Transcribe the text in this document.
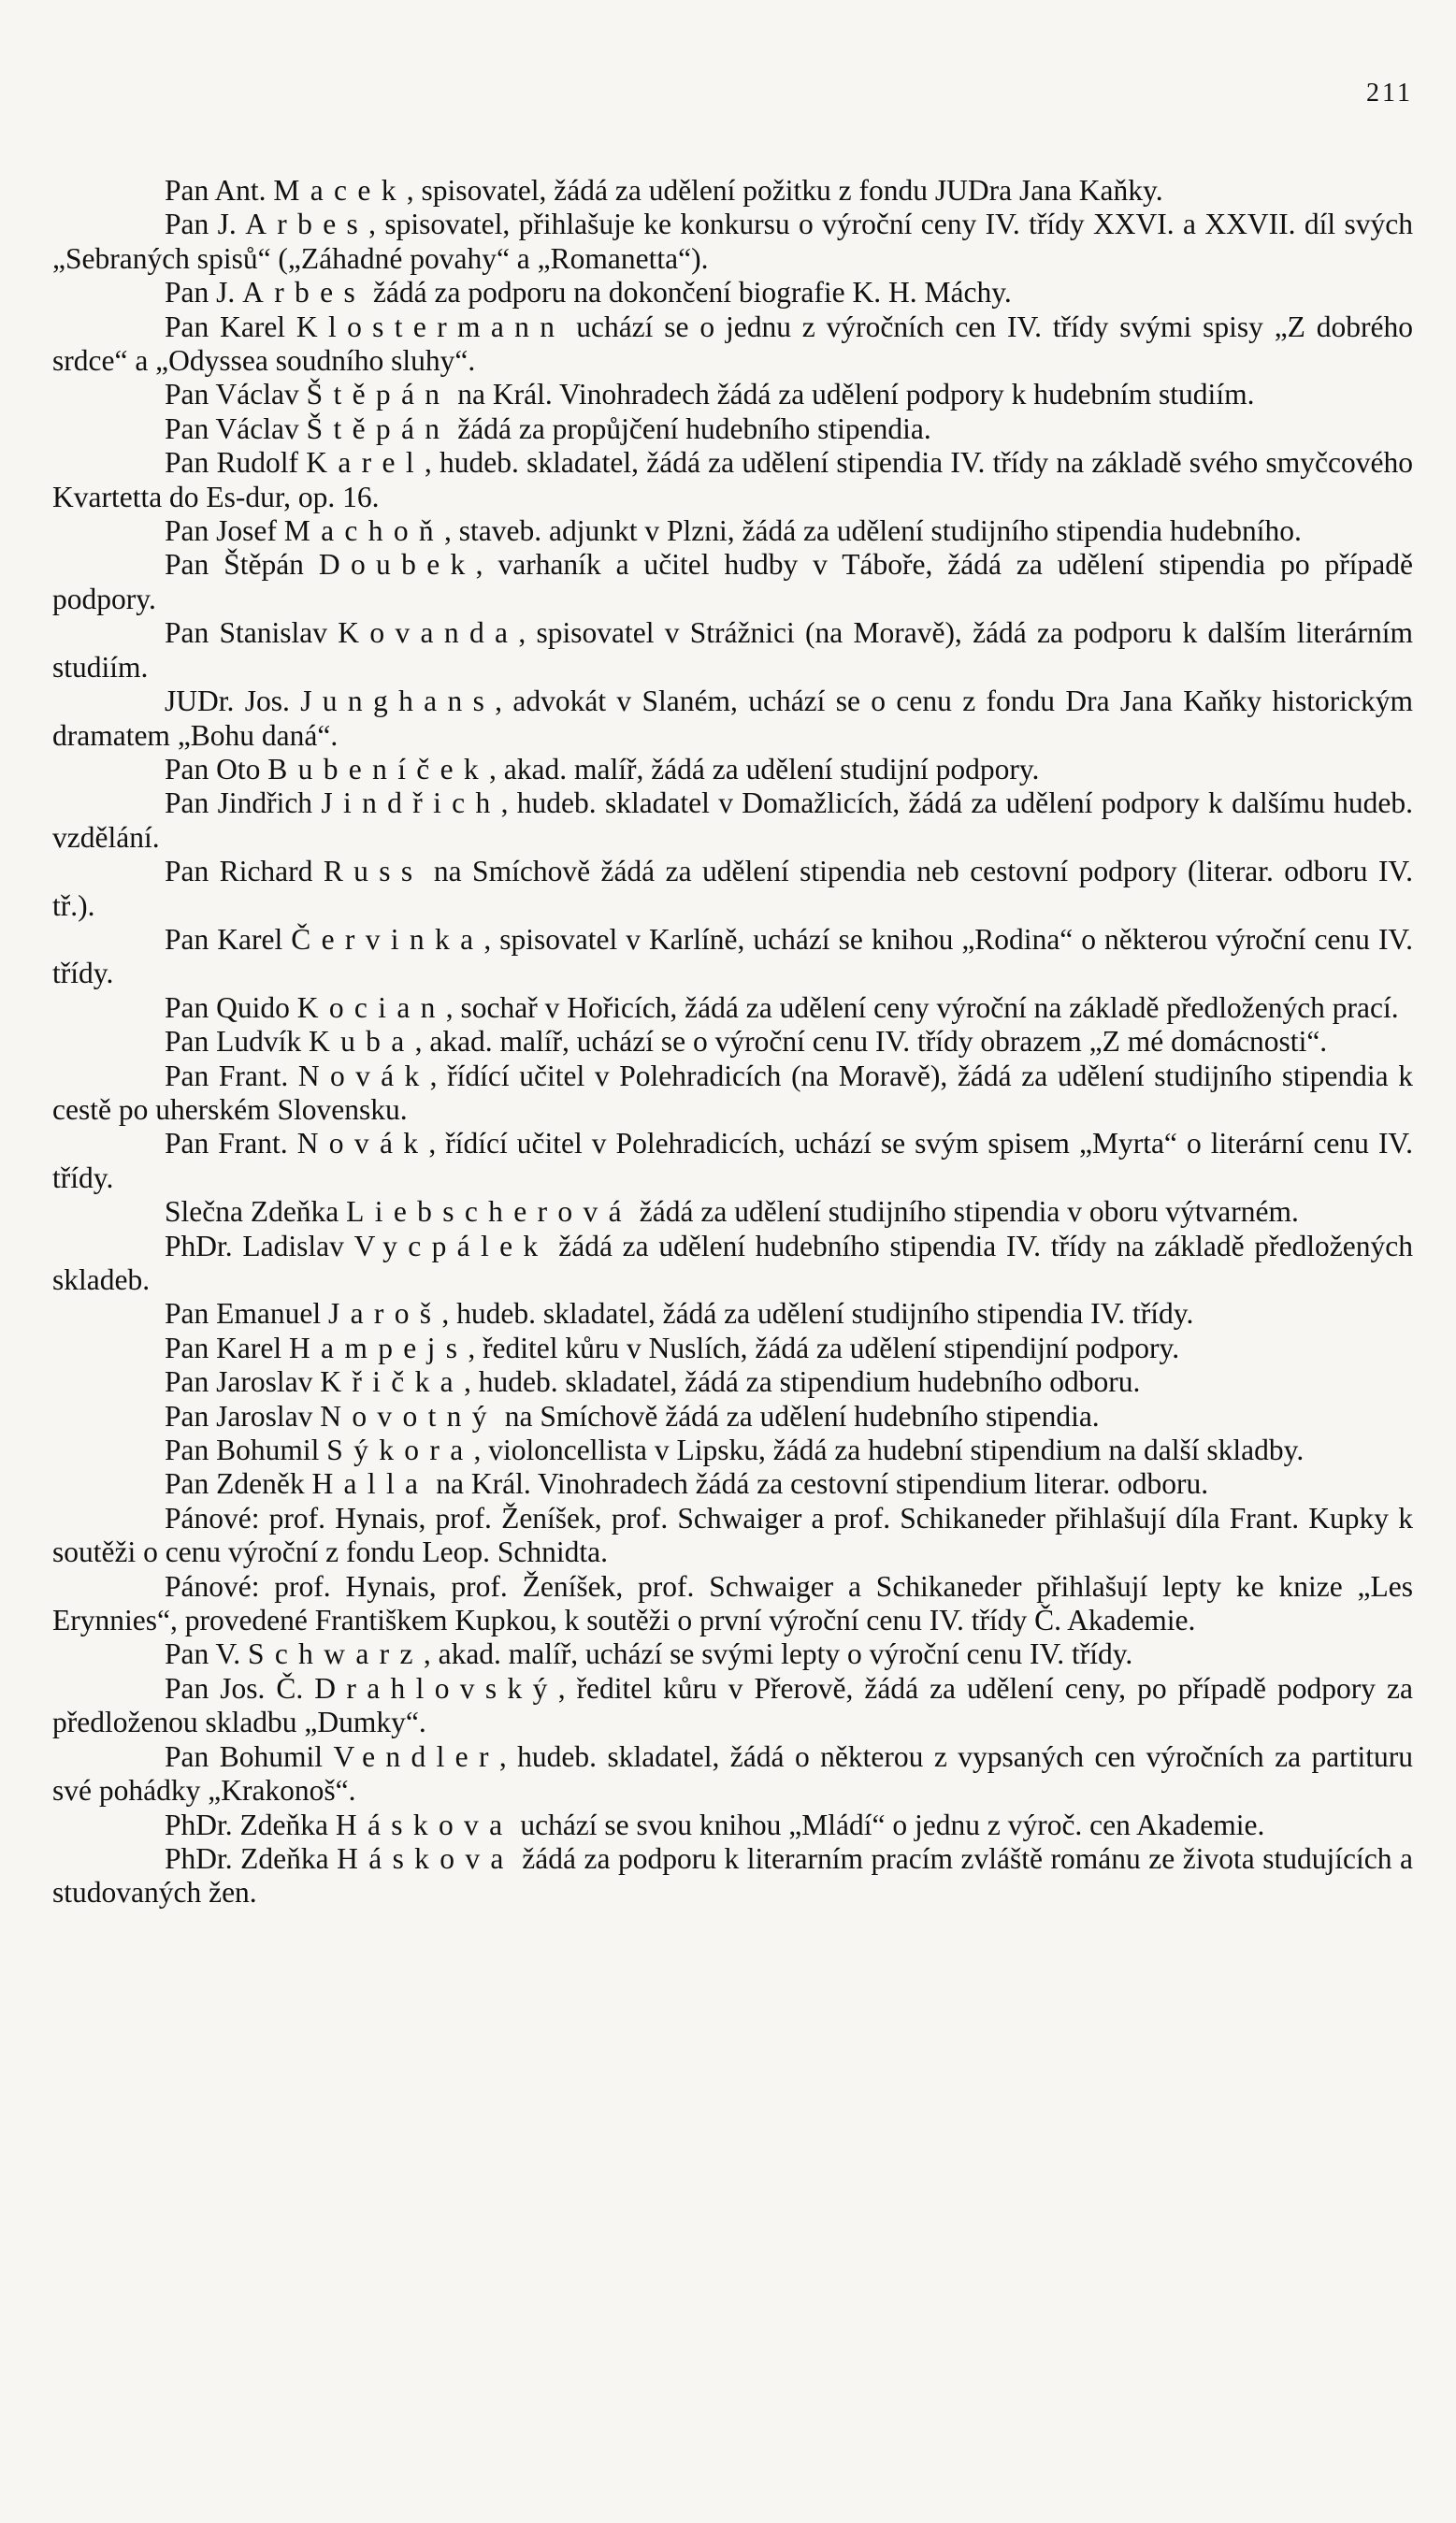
211

Pan Ant. Macek, spisovatel, žádá za udělení požitku z fondu JUDra Jana Kaňky.

Pan J. Arbes, spisovatel, přihlašuje ke konkursu o výroční ceny IV. třídy XXVI. a XXVII. díl svých „Sebraných spisů“ („Záhadné povahy“ a „Romanetta“).

Pan J. Arbes žádá za podporu na dokončení biografie K. H. Máchy.

Pan Karel Klostermann uchází se o jednu z výročních cen IV. třídy svými spisy „Z dobrého srdce“ a „Odyssea soudního sluhy“.

Pan Václav Štěpán na Král. Vinohradech žádá za udělení podpory k hudebním studiím.

Pan Václav Štěpán žádá za propůjčení hudebního stipendia.

Pan Rudolf Karel, hudeb. skladatel, žádá za udělení stipendia IV. třídy na základě svého smyčcového Kvartetta do Es-dur, op. 16.

Pan Josef Machoň, staveb. adjunkt v Plzni, žádá za udělení studijního stipendia hudebního.

Pan Štěpán Doubek, varhaník a učitel hudby v Táboře, žádá za udělení stipendia po případě podpory.

Pan Stanislav Kovanda, spisovatel v Strážnici (na Moravě), žádá za podporu k dalším literárním studiím.

JUDr. Jos. Junghans, advokát v Slaném, uchází se o cenu z fondu Dra Jana Kaňky historickým dramatem „Bohu daná“.

Pan Oto Bubeníček, akad. malíř, žádá za udělení studijní podpory.

Pan Jindřich Jindřich, hudeb. skladatel v Domažlicích, žádá za udělení podpory k dalšímu hudeb. vzdělání.

Pan Richard Russ na Smíchově žádá za udělení stipendia neb cestovní podpory (literar. odboru IV. tř.).

Pan Karel Červinka, spisovatel v Karlíně, uchází se knihou „Rodina“ o některou výroční cenu IV. třídy.

Pan Quido Kocian, sochař v Hořicích, žádá za udělení ceny výroční na základě předložených prací.

Pan Ludvík Kuba, akad. malíř, uchází se o výroční cenu IV. třídy obrazem „Z mé domácnosti“.

Pan Frant. Novák, řídící učitel v Polehradicích (na Moravě), žádá za udělení studijního stipendia k cestě po uherském Slovensku.

Pan Frant. Novák, řídící učitel v Polehradicích, uchází se svým spisem „Myrta“ o literární cenu IV. třídy.

Slečna Zdeňka Liebscherová žádá za udělení studijního stipendia v oboru výtvarném.

PhDr. Ladislav Vycpálek žádá za udělení hudebního stipendia IV. třídy na základě předložených skladeb.

Pan Emanuel Jaroš, hudeb. skladatel, žádá za udělení studijního stipendia IV. třídy.

Pan Karel Hampejs, ředitel kůru v Nuslích, žádá za udělení stipendijní podpory.

Pan Jaroslav Křička, hudeb. skladatel, žádá za stipendium hudebního odboru.

Pan Jaroslav Novotný na Smíchově žádá za udělení hudebního stipendia.

Pan Bohumil Sýkora, violoncellista v Lipsku, žádá za hudební stipendium na další skladby.

Pan Zdeněk Halla na Král. Vinohradech žádá za cestovní stipendium literar. odboru.

Pánové: prof. Hynais, prof. Ženíšek, prof. Schwaiger a prof. Schikaneder přihlašují díla Frant. Kupky k soutěži o cenu výroční z fondu Leop. Schnidta.

Pánové: prof. Hynais, prof. Ženíšek, prof. Schwaiger a Schikaneder přihlašují lepty ke knize „Les Erynnies“, provedené Františkem Kupkou, k soutěži o první výroční cenu IV. třídy Č. Akademie.

Pan V. Schwarz, akad. malíř, uchází se svými lepty o výroční cenu IV. třídy.

Pan Jos. Č. Drahlovský, ředitel kůru v Přerově, žádá za udělení ceny, po případě podpory za předloženou skladbu „Dumky“.

Pan Bohumil Vendler, hudeb. skladatel, žádá o některou z vypsaných cen výročních za partituru své pohádky „Krakonoš“.

PhDr. Zdeňka Háskova uchází se svou knihou „Mládí“ o jednu z výroč. cen Akademie.

PhDr. Zdeňka Háskova žádá za podporu k literarním pracím zvláště románu ze života studujících a studovaných žen.
